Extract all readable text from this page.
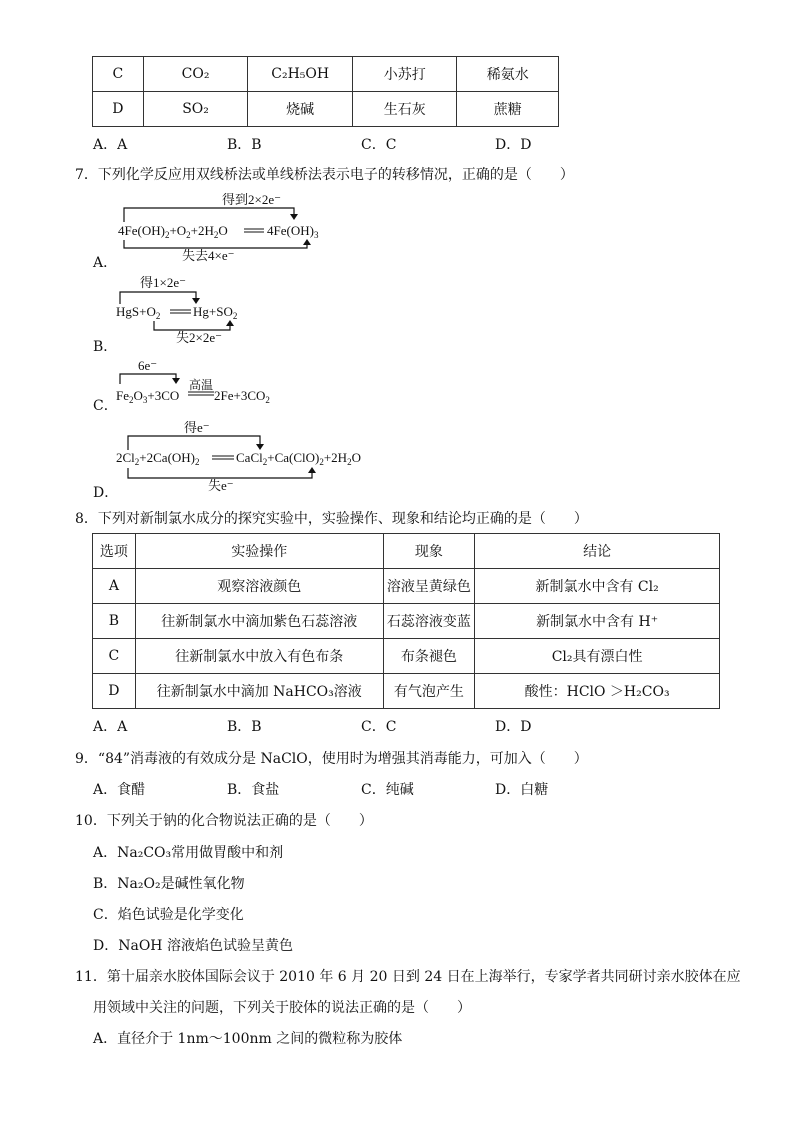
C	CO₂	C₂H₅OH	小苏打	稀氨水
D	SO₂	烧碱	生石灰	蔗糖
A．A	B．B	C．C	D．D
7．下列化学反应用双线桥法或单线桥法表示电子的转移情况，正确的是（　　）
得到2×2e⁻
$4Fe(OH)_2+O_2+2H_2O$	$4Fe(OH)_3$
失去4×e⁻
A．
得1×2e⁻
$HgS+O_2$	$Hg+SO_2$
失2×2e⁻
B．
6e⁻
$Fe_2O_3+3CO$
高温
$2Fe+3CO_2$
C．
得e⁻
$2Cl_2+2Ca(OH)_2$	$CaCl_2+Ca(ClO)_2+2H_2O$
失e⁻
D．
8．下列对新制氯水成分的探究实验中，实验操作、现象和结论均正确的是（　　）
选项	实验操作	现象	结论
A	观察溶液颜色	溶液呈黄绿色	新制氯水中含有 Cl₂
B	往新制氯水中滴加紫色石蕊溶液	石蕊溶液变蓝	新制氯水中含有 H⁺
C	往新制氯水中放入有色布条	布条褪色	Cl₂具有漂白性
D	往新制氯水中滴加 NaHCO₃溶液	有气泡产生	酸性：HClO ＞H₂CO₃
A．A	B．B	C．C	D．D
9．“84”消毒液的有效成分是 NaClO，使用时为增强其消毒能力，可加入（　　）
A．食醋	B．食盐	C．纯碱	D．白糖
10．下列关于钠的化合物说法正确的是（　　）
A．Na₂CO₃常用做胃酸中和剂
B．Na₂O₂是碱性氧化物
C．焰色试验是化学变化
D．NaOH 溶液焰色试验呈黄色
11．第十届亲水胶体国际会议于 2010 年 6 月 20 日到 24 日在上海举行，专家学者共同研讨亲水胶体在应
用领域中关注的问题，下列关于胶体的说法正确的是（　　）
A．直径介于 1nm～100nm 之间的微粒称为胶体
